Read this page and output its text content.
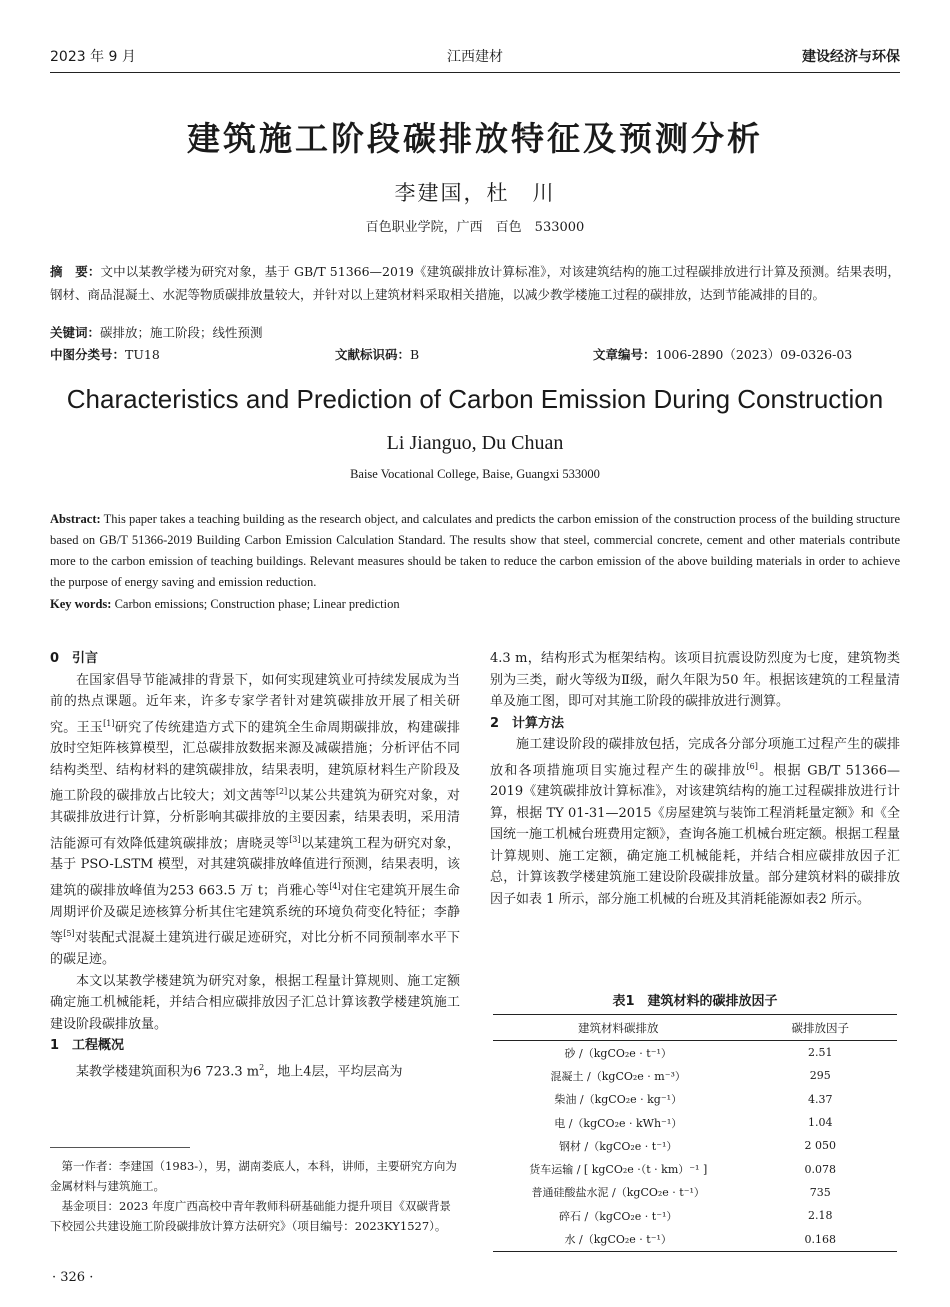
2023 年 9 月	江西建材	建设经济与环保
建筑施工阶段碳排放特征及预测分析
李建国，杜　川
百色职业学院，广西　百色　533000
摘　要：文中以某教学楼为研究对象，基于 GB/T 51366—2019《建筑碳排放计算标准》，对该建筑结构的施工过程碳排放进行计算及预测。结果表明，钢材、商品混凝土、水泥等物质碳排放量较大，并针对以上建筑材料采取相关措施，以减少教学楼施工过程的碳排放，达到节能减排的目的。
关键词：碳排放；施工阶段；线性预测
中图分类号：TU18	文献标识码：B	文章编号：1006-2890（2023）09-0326-03
Characteristics and Prediction of Carbon Emission During Construction
Li Jianguo, Du Chuan
Baise Vocational College, Baise, Guangxi 533000
Abstract: This paper takes a teaching building as the research object, and calculates and predicts the carbon emission of the construction process of the building structure based on GB/T 51366-2019 Building Carbon Emission Calculation Standard. The results show that steel, commercial concrete, cement and other materials contribute more to the carbon emission of teaching buildings. Relevant measures should be taken to reduce the carbon emission of the above building materials in order to achieve the purpose of energy saving and emission reduction.
Key words: Carbon emissions; Construction phase; Linear prediction

0　引言

在国家倡导节能减排的背景下，如何实现建筑业可持续发展成为当前的热点课题。近年来，许多专家学者针对建筑碳排放开展了相关研究。王玉[1]研究了传统建造方式下的建筑全生命周期碳排放，构建碳排放时空矩阵核算模型，汇总碳排放数据来源及减碳措施；分析评估不同结构类型、结构材料的建筑碳排放，结果表明，建筑原材料生产阶段及施工阶段的碳排放占比较大；刘文茜等[2]以某公共建筑为研究对象，对其碳排放进行计算，分析影响其碳排放的主要因素，结果表明，采用清洁能源可有效降低建筑碳排放；唐晓灵等[3]以某建筑工程为研究对象，基于 PSO-LSTM 模型，对其建筑碳排放峰值进行预测，结果表明，该建筑的碳排放峰值为253 663.5 万 t；肖雅心等[4]对住宅建筑开展生命周期评价及碳足迹核算分析其住宅建筑系统的环境负荷变化特征；李静等[5]对装配式混凝土建筑进行碳足迹研究，对比分析不同预制率水平下的碳足迹。

本文以某教学楼建筑为研究对象，根据工程量计算规则、施工定额确定施工机械能耗，并结合相应碳排放因子汇总计算该教学楼建筑施工建设阶段碳排放量。

1　工程概况

某教学楼建筑面积为6 723.3 $m^2$，地上4层，平均层高为

第一作者：李建国（1983-），男，湖南娄底人，本科，讲师，主要研究方向为金属材料与建筑施工。

基金项目：2023 年度广西高校中青年教师科研基础能力提升项目《双碳背景下校园公共建设施工阶段碳排放计算方法研究》（项目编号：2023KY1527）。

· 326 ·

4.3 m，结构形式为框架结构。该项目抗震设防烈度为七度，建筑物类别为三类，耐火等级为Ⅱ级，耐久年限为50 年。根据该建筑的工程量清单及施工图，即可对其施工阶段的碳排放进行测算。

2　计算方法

施工建设阶段的碳排放包括，完成各分部分项施工过程产生的碳排放和各项措施项目实施过程产生的碳排放[6]。根据 GB/T 51366—2019《建筑碳排放计算标准》，对该建筑结构的施工过程碳排放进行计算，根据 TY 01-31—2015《房屋建筑与装饰工程消耗量定额》和《全国统一施工机械台班费用定额》，查询各施工机械台班定额。根据工程量计算规则、施工定额，确定施工机械能耗，并结合相应碳排放因子汇总，计算该教学楼建筑施工建设阶段碳排放量。部分建筑材料的碳排放因子如表 1 所示，部分施工机械的台班及其消耗能源如表2 所示。

表1　建筑材料的碳排放因子
建筑材料碳排放	碳排放因子
砂 /（kgCO₂e · t⁻¹）	2.51
混凝土 /（kgCO₂e · m⁻³）	295
柴油 /（kgCO₂e · kg⁻¹）	4.37
电 /（kgCO₂e · kWh⁻¹）	1.04
钢材 /（kgCO₂e · t⁻¹）	2 050
货车运输 / [ kgCO₂e ·（t · km）⁻¹ ]	0.078
普通硅酸盐水泥 /（kgCO₂e · t⁻¹）	735
碎石 /（kgCO₂e · t⁻¹）	2.18
水 /（kgCO₂e · t⁻¹）	0.168
